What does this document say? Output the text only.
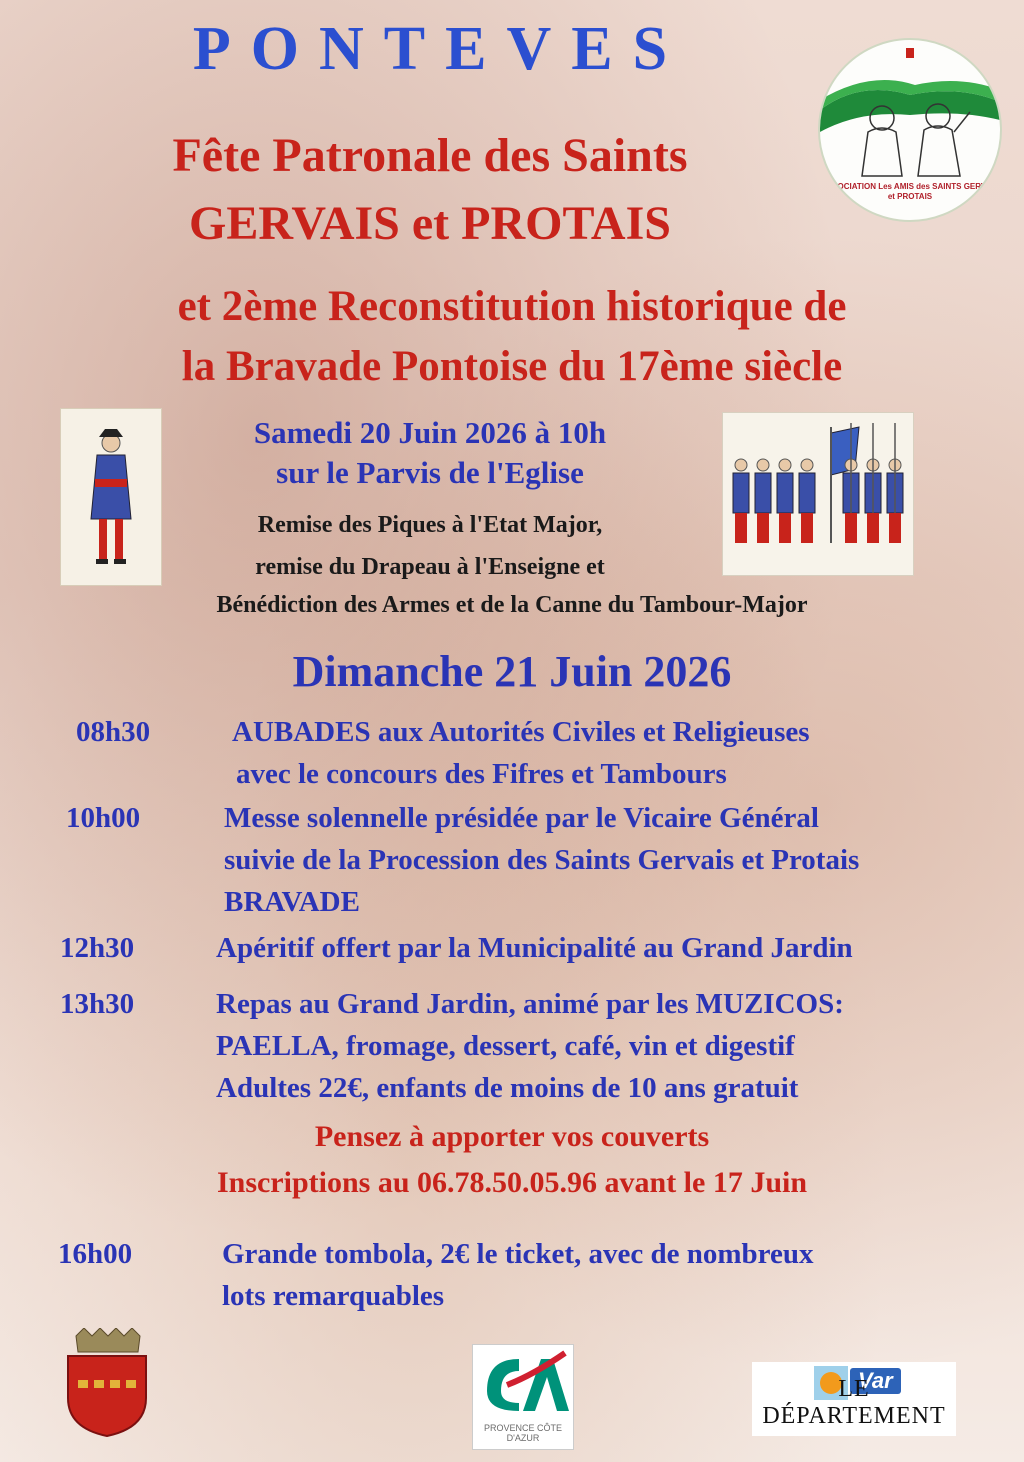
PONTEVES
Fête Patronale des Saints
GERVAIS et PROTAIS
et 2ème Reconstitution historique de
la Bravade Pontoise du 17ème siècle
ASSOCIATION Les AMIS des SAINTS GERVAIS et PROTAIS
Samedi 20 Juin 2026 à 10h
sur le Parvis de l'Eglise
Remise des Piques à l'Etat Major,
remise du Drapeau à l'Enseigne et
Bénédiction des Armes et de la Canne du Tambour-Major
Dimanche 21 Juin 2026
08h30	AUBADES aux Autorités Civiles et Religieuses
avec le concours des Fifres et Tambours
10h00	Messe solennelle présidée par le Vicaire Général
suivie de la Procession des Saints Gervais et Protais
BRAVADE
12h30	Apéritif offert par la Municipalité au Grand Jardin
13h30	Repas au Grand Jardin, animé par les MUZICOS:
PAELLA, fromage, dessert, café, vin et digestif
Adultes 22€, enfants de moins de 10 ans gratuit
Pensez à apporter vos couverts
Inscriptions au 06.78.50.05.96 avant le 17 Juin
16h00	Grande tombola, 2€ le ticket, avec de nombreux
lots remarquables
PROVENCE CÔTE D'AZUR
Var
LE DÉPARTEMENT
